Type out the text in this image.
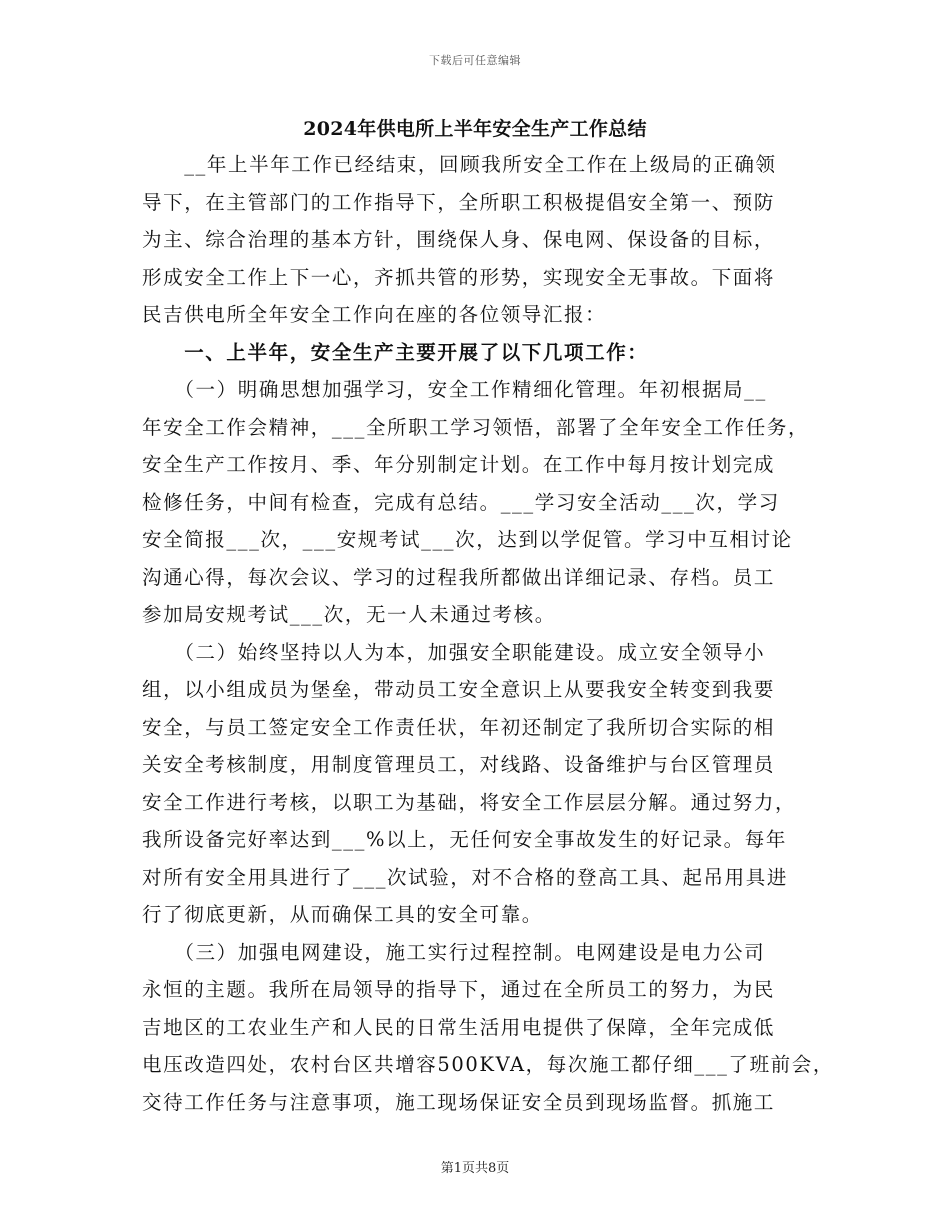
下载后可任意编辑
2024年供电所上半年安全生产工作总结
　　__年上半年工作已经结束，回顾我所安全工作在上级局的正确领
导下，在主管部门的工作指导下，全所职工积极提倡安全第一、预防
为主、综合治理的基本方针，围绕保人身、保电网、保设备的目标，
形成安全工作上下一心，齐抓共管的形势，实现安全无事故。下面将
民吉供电所全年安全工作向在座的各位领导汇报：
　　一、上半年，安全生产主要开展了以下几项工作：
　　（一）明确思想加强学习，安全工作精细化管理。年初根据局__
年安全工作会精神，___全所职工学习领悟，部署了全年安全工作任务，
安全生产工作按月、季、年分别制定计划。在工作中每月按计划完成
检修任务，中间有检查，完成有总结。___学习安全活动___次，学习
安全简报___次，___安规考试___次，达到以学促管。学习中互相讨论
沟通心得，每次会议、学习的过程我所都做出详细记录、存档。员工
参加局安规考试___次，无一人未通过考核。
　　（二）始终坚持以人为本，加强安全职能建设。成立安全领导小
组，以小组成员为堡垒，带动员工安全意识上从要我安全转变到我要
安全，与员工签定安全工作责任状，年初还制定了我所切合实际的相
关安全考核制度，用制度管理员工，对线路、设备维护与台区管理员
安全工作进行考核，以职工为基础，将安全工作层层分解。通过努力，
我所设备完好率达到___%以上，无任何安全事故发生的好记录。每年
对所有安全用具进行了___次试验，对不合格的登高工具、起吊用具进
行了彻底更新，从而确保工具的安全可靠。
　　（三）加强电网建设，施工实行过程控制。电网建设是电力公司
永恒的主题。我所在局领导的指导下，通过在全所员工的努力，为民
吉地区的工农业生产和人民的日常生活用电提供了保障，全年完成低
电压改造四处，农村台区共增容500KVA，每次施工都仔细___了班前会，
交待工作任务与注意事项，施工现场保证安全员到现场监督。抓施工
第1页共8页
